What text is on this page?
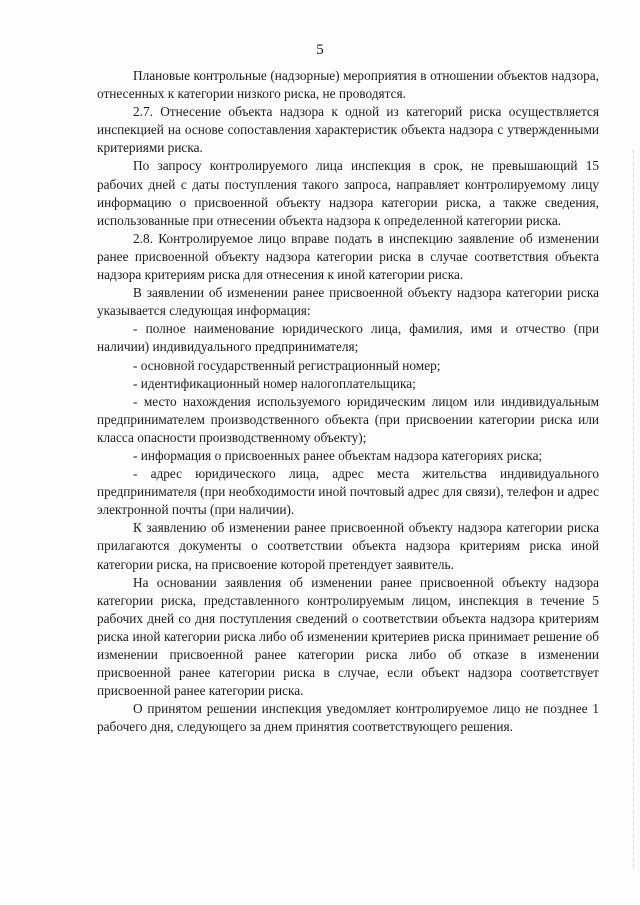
5

Плановые контрольные (надзорные) мероприятия в отношении объектов надзора, отнесенных к категории низкого риска, не проводятся.

2.7. Отнесение объекта надзора к одной из категорий риска осуществляется инспекцией на основе сопоставления характеристик объекта надзора с утвержденными критериями риска.

По запросу контролируемого лица инспекция в срок, не превышающий 15 рабочих дней с даты поступления такого запроса, направляет контролируемому лицу информацию о присвоенной объекту надзора категории риска, а также сведения, использованные при отнесении объекта надзора к определенной категории риска.

2.8. Контролируемое лицо вправе подать в инспекцию заявление об изменении ранее присвоенной объекту надзора категории риска в случае соответствия объекта надзора критериям риска для отнесения к иной категории риска.

В заявлении об изменении ранее присвоенной объекту надзора категории риска указывается следующая информация:

- полное наименование юридического лица, фамилия, имя и отчество (при наличии) индивидуального предпринимателя;

- основной государственный регистрационный номер;

- идентификационный номер налогоплательщика;

- место нахождения используемого юридическим лицом или индивидуальным предпринимателем производственного объекта (при присвоении категории риска или класса опасности производственному объекту);

- информация о присвоенных ранее объектам надзора категориях риска;

- адрес юридического лица, адрес места жительства индивидуального предпринимателя (при необходимости иной почтовый адрес для связи), телефон и адрес электронной почты (при наличии).

К заявлению об изменении ранее присвоенной объекту надзора категории риска прилагаются документы о соответствии объекта надзора критериям риска иной категории риска, на присвоение которой претендует заявитель.

На основании заявления об изменении ранее присвоенной объекту надзора категории риска, представленного контролируемым лицом, инспекция в течение 5 рабочих дней со дня поступления сведений о соответствии объекта надзора критериям риска иной категории риска либо об изменении критериев риска принимает решение об изменении присвоенной ранее категории риска либо об отказе в изменении присвоенной ранее категории риска в случае, если объект надзора соответствует присвоенной ранее категории риска.

О принятом решении инспекция уведомляет контролируемое лицо не позднее 1 рабочего дня, следующего за днем принятия соответствующего решения.
